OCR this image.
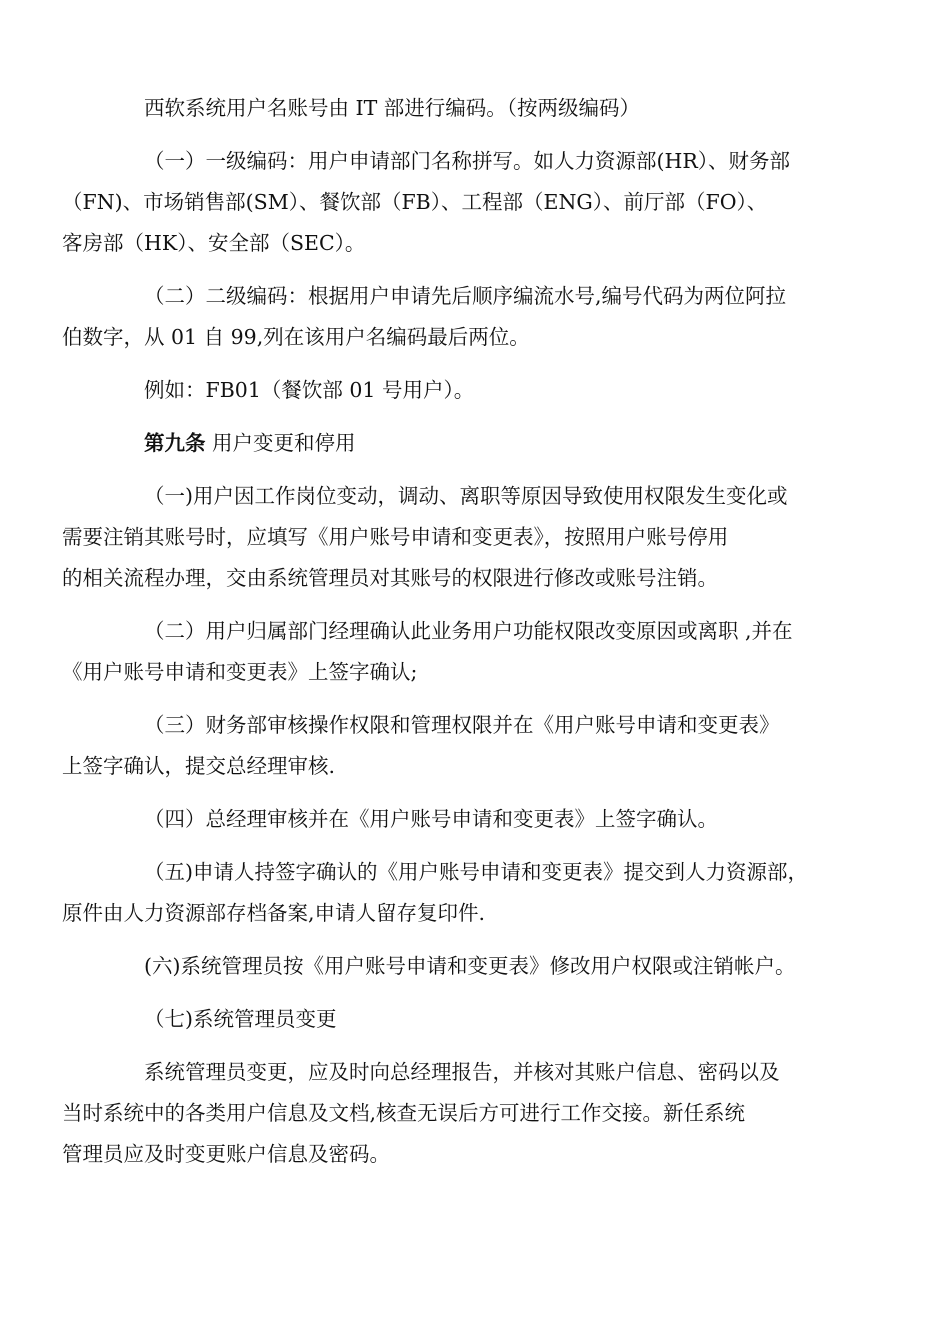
西软系统用户名账号由 IT 部进行编码。（按两级编码）

（一）一级编码：用户申请部门名称拼写。如人力资源部(HR）、财务部
（FN)、市场销售部(SM）、餐饮部（FB）、工程部（ENG）、前厅部（FO）、
客房部（HK）、安全部（SEC）。

（二）二级编码：根据用户申请先后顺序编流水号,编号代码为两位阿拉
伯数字，从 01 自 99,列在该用户名编码最后两位。

例如：FB01（餐饮部 01 号用户）。

第九条 用户变更和停用

（一)用户因工作岗位变动，调动、离职等原因导致使用权限发生变化或
需要注销其账号时，应填写《用户账号申请和变更表》，按照用户账号停用
的相关流程办理，交由系统管理员对其账号的权限进行修改或账号注销。

（二）用户归属部门经理确认此业务用户功能权限改变原因或离职 ,并在
《用户账号申请和变更表》上签字确认;

（三）财务部审核操作权限和管理权限并在《用户账号申请和变更表》
上签字确认，提交总经理审核.

（四）总经理审核并在《用户账号申请和变更表》上签字确认。

（五)申请人持签字确认的《用户账号申请和变更表》提交到人力资源部，
原件由人力资源部存档备案,申请人留存复印件.

(六)系统管理员按《用户账号申请和变更表》修改用户权限或注销帐户。

（七)系统管理员变更

系统管理员变更，应及时向总经理报告，并核对其账户信息、密码以及
当时系统中的各类用户信息及文档,核查无误后方可进行工作交接。新任系统
管理员应及时变更账户信息及密码。
